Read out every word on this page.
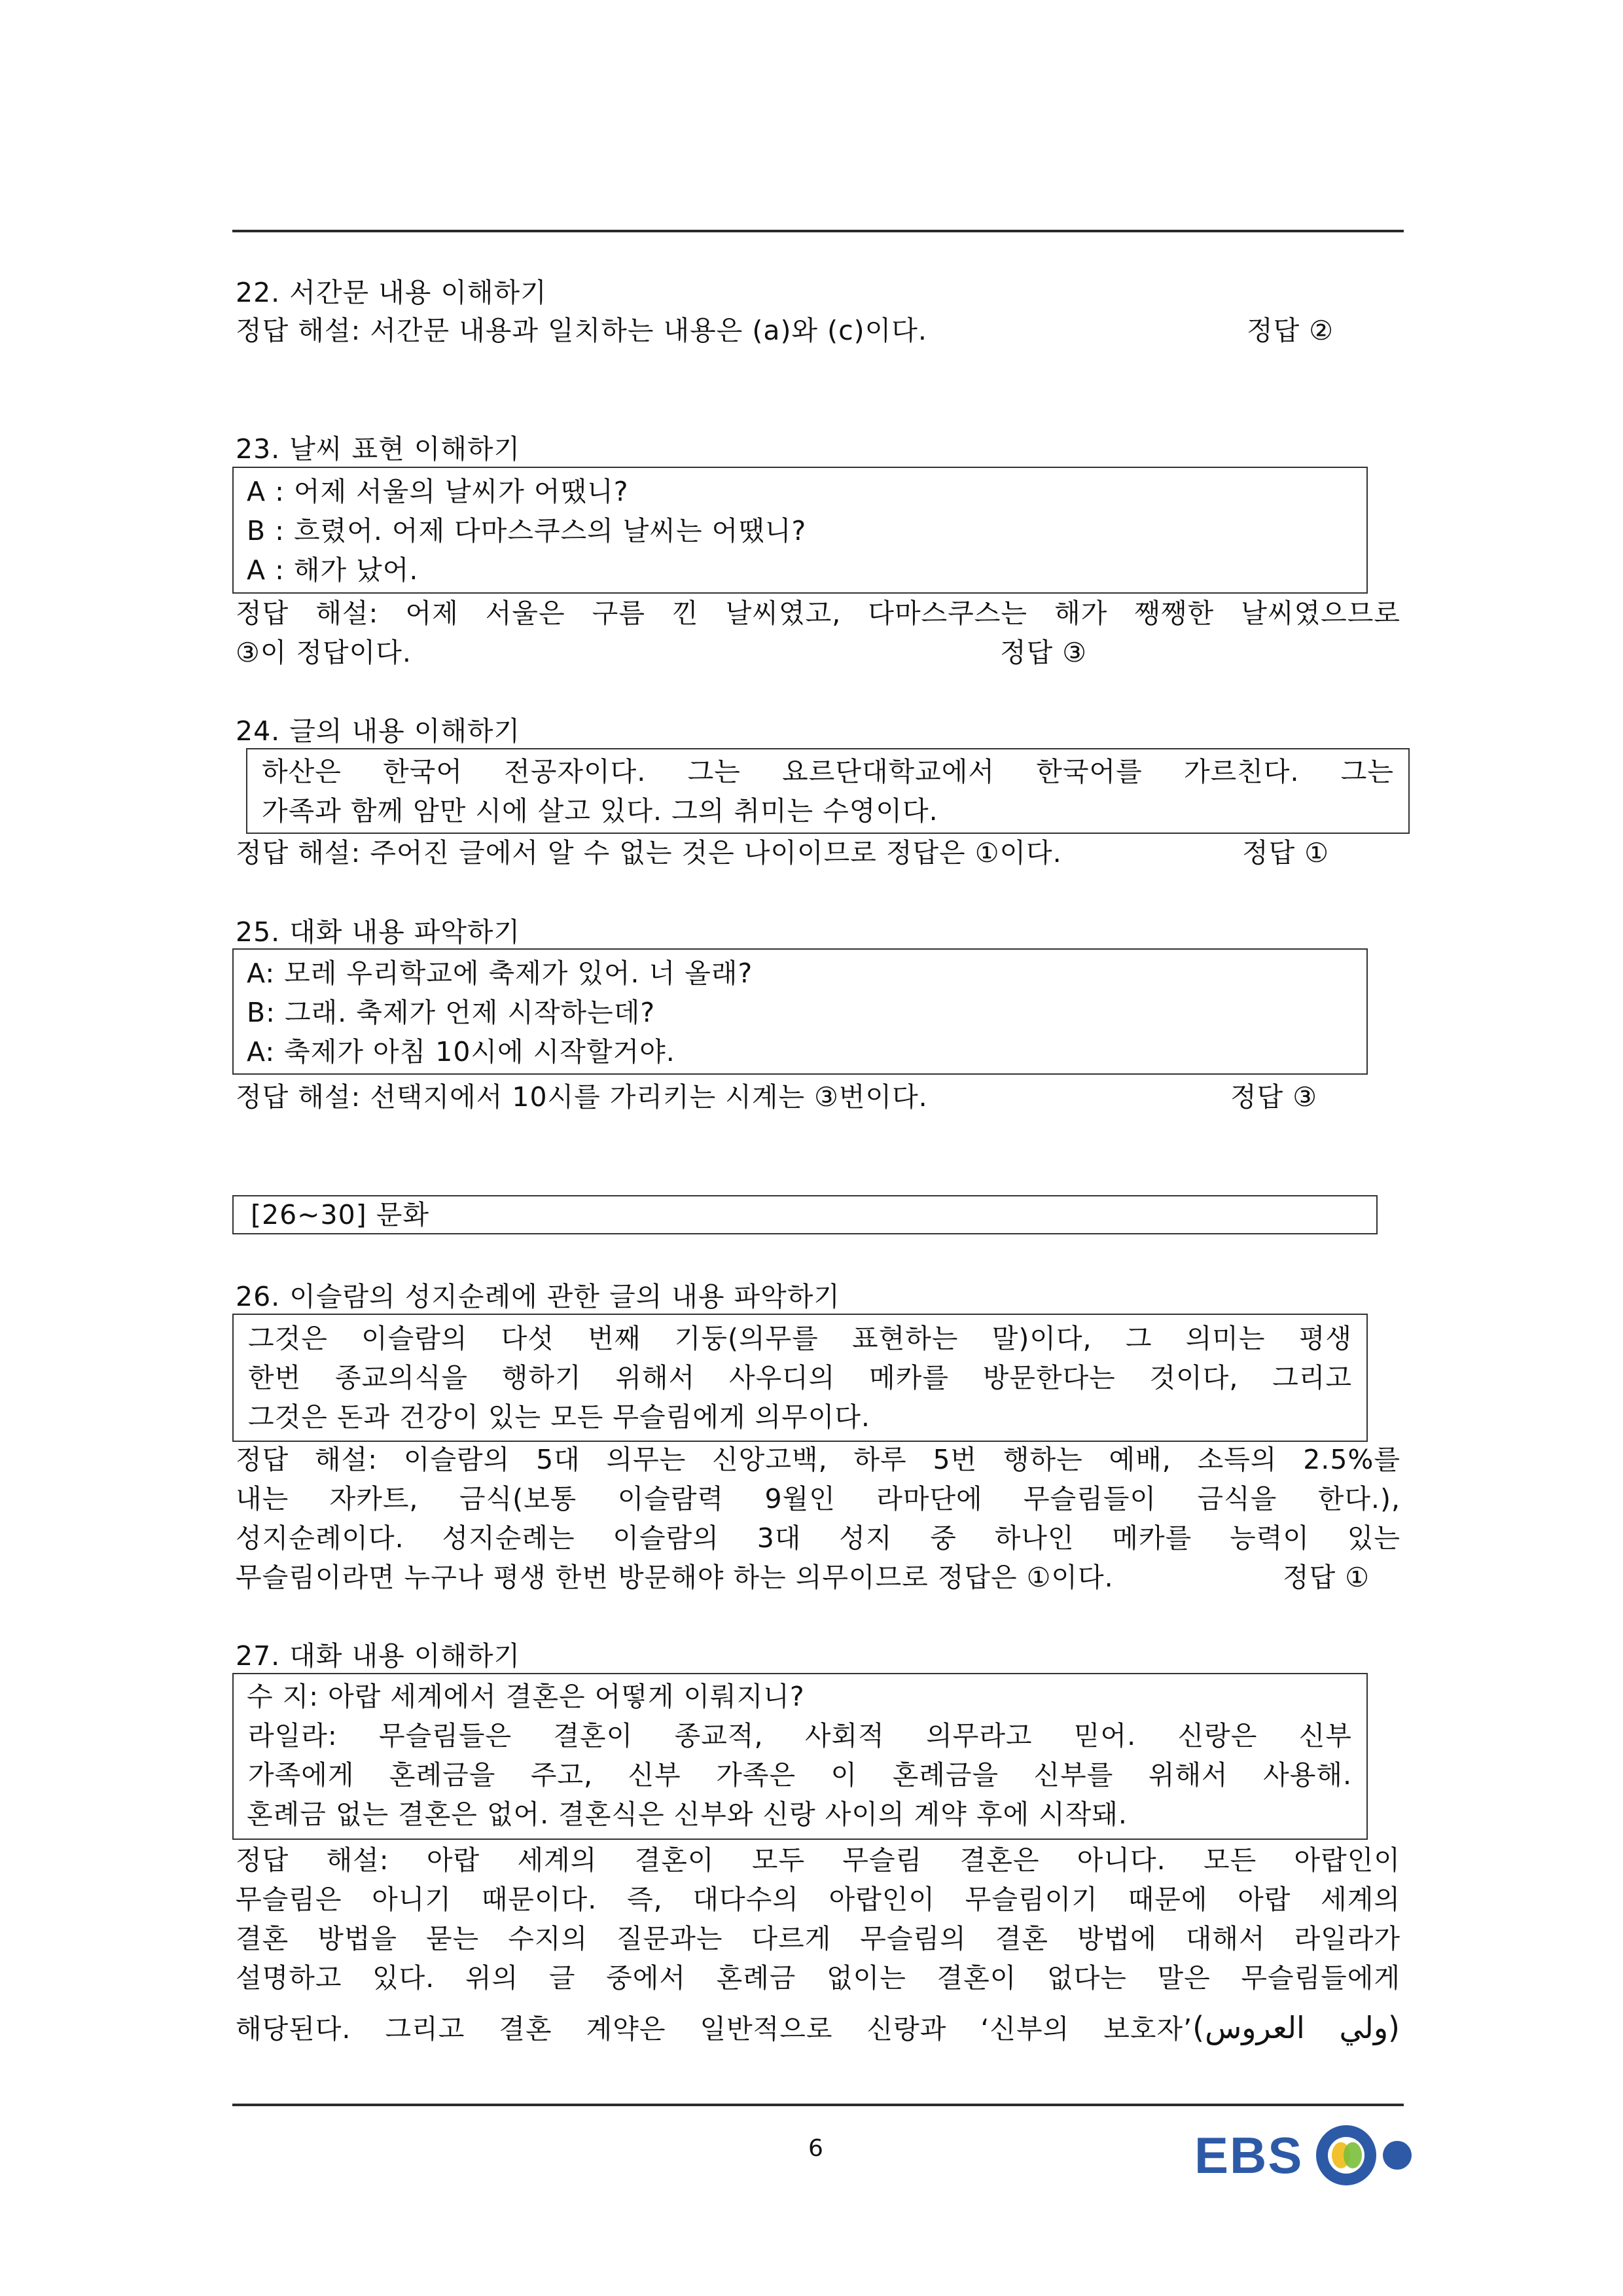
22. 서간문 내용 이해하기
정답 해설: 서간문 내용과 일치하는 내용은 (a)와 (c)이다.	정답 ②
23. 날씨 표현 이해하기
A : 어제 서울의 날씨가 어땠니?
B : 흐렸어. 어제 다마스쿠스의 날씨는 어땠니?
A : 해가 났어.
정답 해설: 어제 서울은 구름 낀 날씨였고, 다마스쿠스는 해가 쨍쨍한 날씨였으므로
③이 정답이다.	정답 ③
24. 글의 내용 이해하기
하산은 한국어 전공자이다. 그는 요르단대학교에서 한국어를 가르친다. 그는
가족과 함께 암만 시에 살고 있다. 그의 취미는 수영이다.
정답 해설: 주어진 글에서 알 수 없는 것은 나이이므로 정답은 ①이다.	정답 ①
25. 대화 내용 파악하기
A: 모레 우리학교에 축제가 있어. 너 올래?
B: 그래. 축제가 언제 시작하는데?
A: 축제가 아침 10시에 시작할거야.
정답 해설: 선택지에서 10시를 가리키는 시계는 ③번이다.	정답 ③
[26~30] 문화
26. 이슬람의 성지순례에 관한 글의 내용 파악하기
그것은 이슬람의 다섯 번째 기둥(의무를 표현하는 말)이다, 그 의미는 평생
한번 종교의식을 행하기 위해서 사우디의 메카를 방문한다는 것이다, 그리고
그것은 돈과 건강이 있는 모든 무슬림에게 의무이다.
정답 해설: 이슬람의 5대 의무는 신앙고백, 하루 5번 행하는 예배, 소득의 2.5%를
내는 자카트, 금식(보통 이슬람력 9월인 라마단에 무슬림들이 금식을 한다.),
성지순례이다. 성지순례는 이슬람의 3대 성지 중 하나인 메카를 능력이 있는
무슬림이라면 누구나 평생 한번 방문해야 하는 의무이므로 정답은 ①이다.	정답 ①
27. 대화 내용 이해하기
수 지: 아랍 세계에서 결혼은 어떻게 이뤄지니?
라일라: 무슬림들은 결혼이 종교적, 사회적 의무라고 믿어. 신랑은 신부
가족에게 혼례금을 주고, 신부 가족은 이 혼례금을 신부를 위해서 사용해.
혼례금 없는 결혼은 없어. 결혼식은 신부와 신랑 사이의 계약 후에 시작돼.
정답 해설: 아랍 세계의 결혼이 모두 무슬림 결혼은 아니다. 모든 아랍인이
무슬림은 아니기 때문이다. 즉, 대다수의 아랍인이 무슬림이기 때문에 아랍 세계의
결혼 방법을 묻는 수지의 질문과는 다르게 무슬림의 결혼 방법에 대해서 라일라가
설명하고 있다. 위의 글 중에서 혼례금 없이는 결혼이 없다는 말은 무슬림들에게
해당된다. 그리고 결혼 계약은 일반적으로 신랑과 ‘신부의 보호자’(ولي العروس)
6	EBS
